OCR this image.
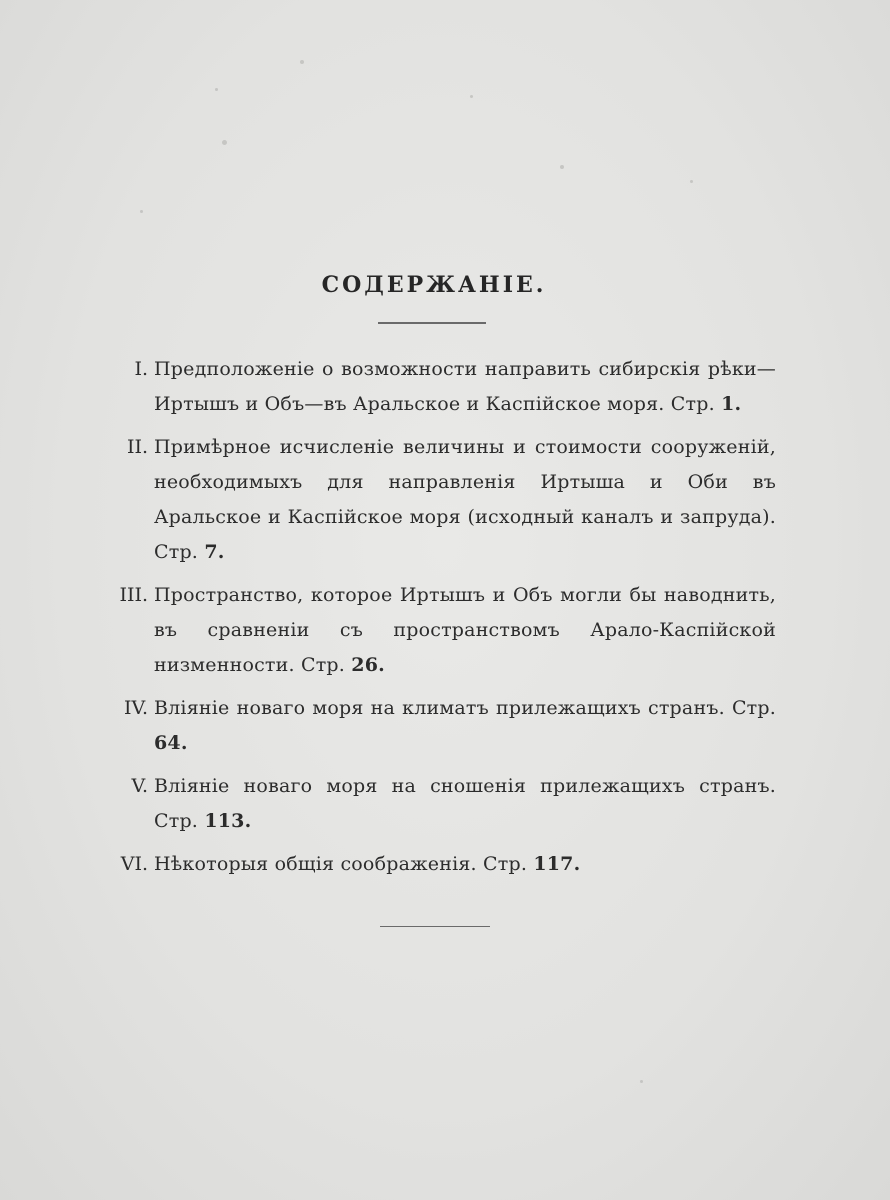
СОДЕРЖАНІЕ.
I. Предположеніе о возможности направить сибирскія рѣки— Иртышъ и Объ—въ Аральское и Каспійское моря. Стр. 1.
II. Примѣрное исчисленіе величины и стоимости сооруженій, необходимыхъ для направленія Иртыша и Оби въ Аральское и Каспійское моря (исходный каналъ и запруда). Стр. 7.
III. Пространство, которое Иртышъ и Объ могли бы наводнить, въ сравненіи съ пространствомъ Арало-Каспійской низменности. Стр. 26.
IV. Вліяніе новаго моря на климатъ прилежащихъ странъ. Стр. 64.
V. Вліяніе новаго моря на сношенія прилежащихъ странъ. Стр. 113.
VI. Нѣкоторыя общія соображенія. Стр. 117.
